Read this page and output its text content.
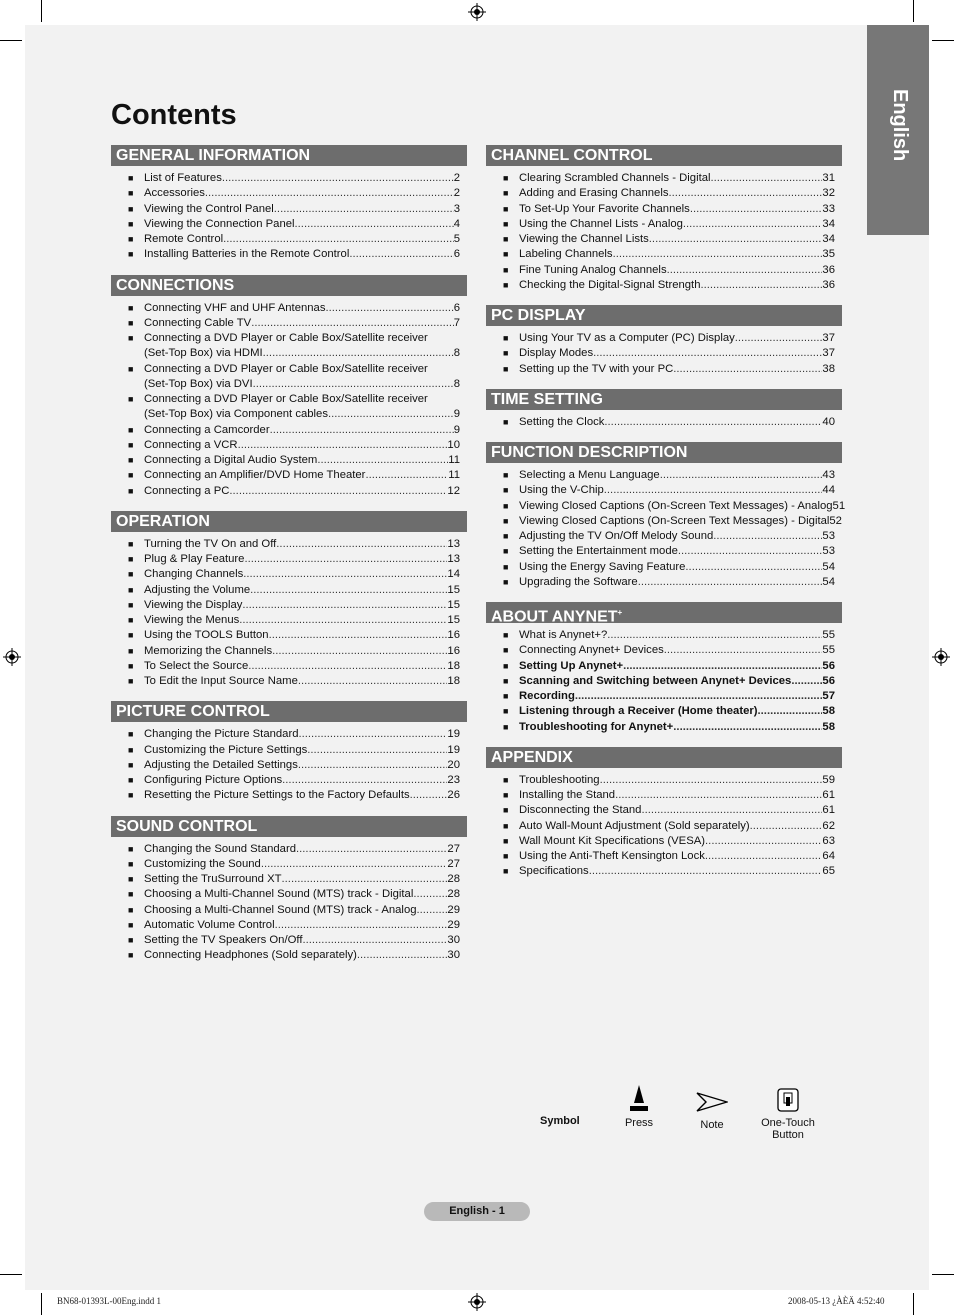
English
Contents
GENERAL INFORMATION
■ List of Features .....	2
■ Accessories .....	2
■ Viewing the Control Panel .....	3
■ Viewing the Connection Panel .....	4
■ Remote Control .....	5
■ Installing Batteries in the Remote Control .....	6
CONNECTIONS
■ Connecting VHF and UHF Antennas .....	6
■ Connecting Cable TV .....	7
■ Connecting a DVD Player or Cable Box/Satellite receiver
(Set-Top Box) via HDMI .....	8
■ Connecting a DVD Player or Cable Box/Satellite receiver
(Set-Top Box) via DVI .....	8
■ Connecting a DVD Player or Cable Box/Satellite receiver
(Set-Top Box) via Component cables .....	9
■ Connecting a Camcorder .....	9
■ Connecting a VCR .....	10
■ Connecting a Digital Audio System .....	11
■ Connecting an Amplifier/DVD Home Theater .....	11
■ Connecting a PC .....	12
OPERATION
■ Turning the TV On and Off .....	13
■ Plug & Play Feature .....	13
■ Changing Channels .....	14
■ Adjusting the Volume .....	15
■ Viewing the Display .....	15
■ Viewing the Menus .....	15
■ Using the TOOLS Button .....	16
■ Memorizing the Channels .....	16
■ To Select the Source .....	18
■ To Edit the Input Source Name .....	18
PICTURE CONTROL
■ Changing the Picture Standard .....	19
■ Customizing the Picture Settings .....	19
■ Adjusting the Detailed Settings .....	20
■ Configuring Picture Options .....	23
■ Resetting the Picture Settings to the Factory Defaults .....	26
SOUND CONTROL
■ Changing the Sound Standard .....	27
■ Customizing the Sound .....	27
■ Setting the TruSurround XT .....	28
■ Choosing a Multi-Channel Sound (MTS) track - Digital .....	28
■ Choosing a Multi-Channel Sound (MTS) track - Analog .....	29
■ Automatic Volume Control .....	29
■ Setting the TV Speakers On/Off .....	30
■ Connecting Headphones (Sold separately) .....	30
CHANNEL CONTROL
■ Clearing Scrambled Channels - Digital .....	31
■ Adding and Erasing Channels .....	32
■ To Set-Up Your Favorite Channels .....	33
■ Using the Channel Lists - Analog .....	34
■ Viewing the Channel Lists .....	34
■ Labeling Channels .....	35
■ Fine Tuning Analog Channels .....	36
■ Checking the Digital-Signal Strength .....	36
PC DISPLAY
■ Using Your TV as a Computer (PC) Display .....	37
■ Display Modes .....	37
■ Setting up the TV with your PC .....	38
TIME SETTING
■ Setting the Clock .....	40
FUNCTION DESCRIPTION
■ Selecting a Menu Language .....	43
■ Using the V-Chip .....	44
■ Viewing Closed Captions (On-Screen Text Messages) - Analog 51
■ Viewing Closed Captions (On-Screen Text Messages) - Digital 52
■ Adjusting the TV On/Off Melody Sound .....	53
■ Setting the Entertainment mode .....	53
■ Using the Energy Saving Feature .....	54
■ Upgrading the Software .....	54
ABOUT ANYNET+
■ What is Anynet+? .....	55
■ Connecting Anynet+ Devices .....	55
■ Setting Up Anynet+ .....	56
■ Scanning and Switching between Anynet+ Devices .....	56
■ Recording .....	57
■ Listening through a Receiver (Home theater) .....	58
■ Troubleshooting for Anynet+ .....	58
APPENDIX
■ Troubleshooting .....	59
■ Installing the Stand .....	61
■ Disconnecting the Stand .....	61
■ Auto Wall-Mount Adjustment (Sold separately) .....	62
■ Wall Mount Kit Specifications (VESA) .....	63
■ Using the Anti-Theft Kensington Lock .....	64
■ Specifications .....	65
Symbol	Press	Note	One-Touch
Button
English - 1
BN68-01393L-00Eng.indd 1	2008-05-13 ¿ÀÈÄ 4:52:40
